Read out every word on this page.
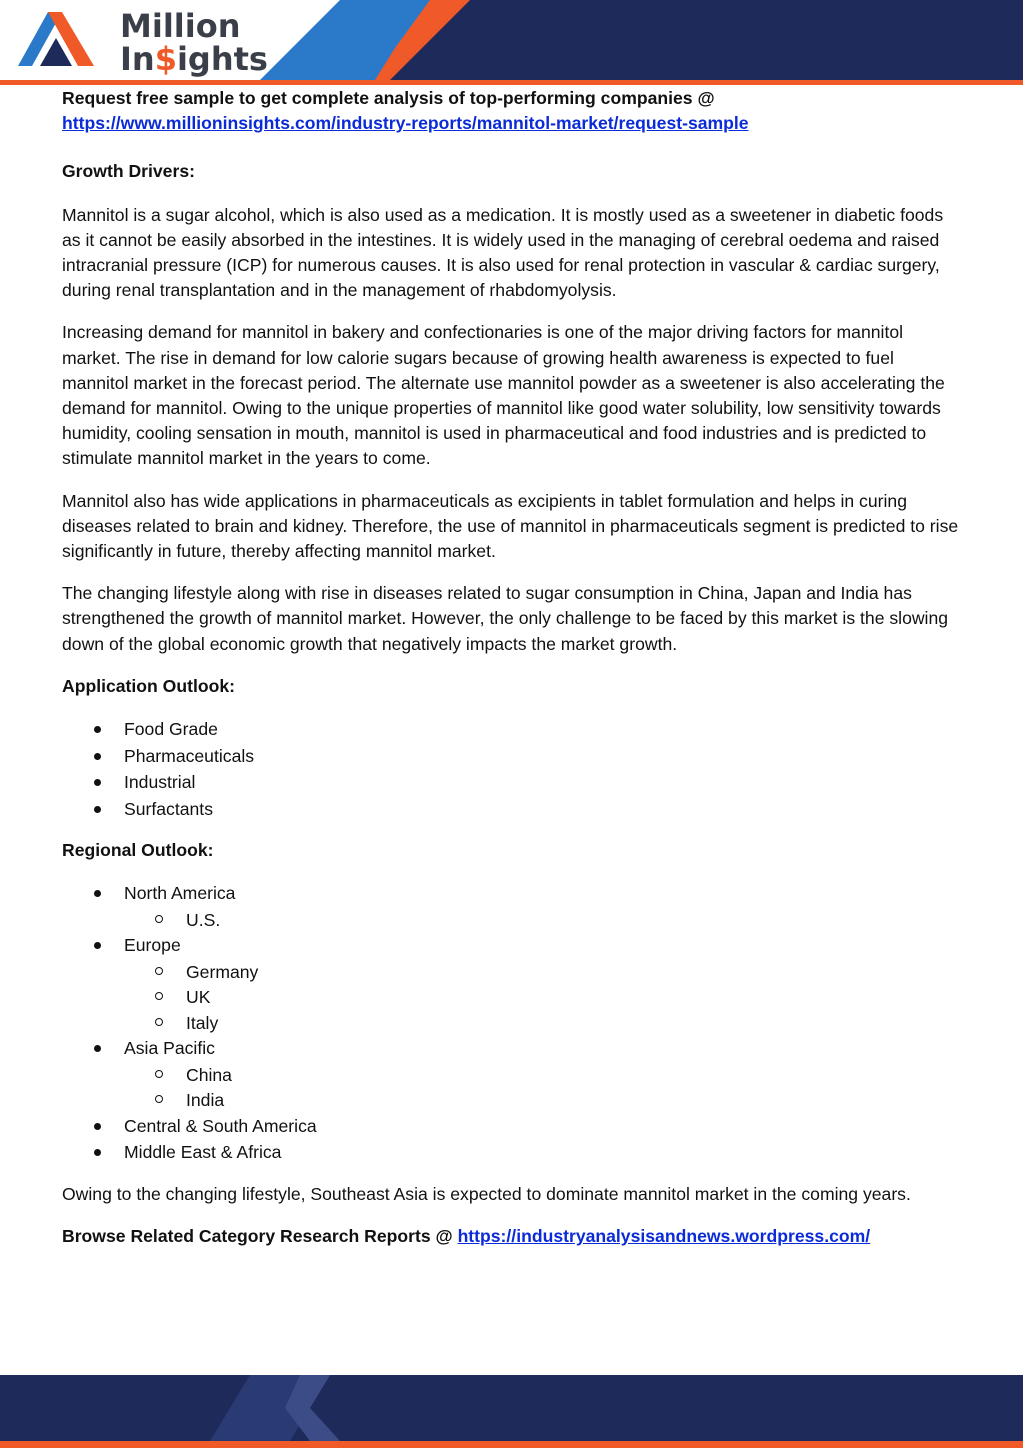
Million
In$ights

Request free sample to get complete analysis of top-performing companies @
https://www.millioninsights.com/industry-reports/mannitol-market/request-sample

Growth Drivers:

Mannitol is a sugar alcohol, which is also used as a medication. It is mostly used as a sweetener in diabetic foods as it cannot be easily absorbed in the intestines. It is widely used in the managing of cerebral oedema and raised intracranial pressure (ICP) for numerous causes. It is also used for renal protection in vascular & cardiac surgery, during renal transplantation and in the management of rhabdomyolysis.

Increasing demand for mannitol in bakery and confectionaries is one of the major driving factors for mannitol market. The rise in demand for low calorie sugars because of growing health awareness is expected to fuel mannitol market in the forecast period. The alternate use mannitol powder as a sweetener is also accelerating the demand for mannitol. Owing to the unique properties of mannitol like good water solubility, low sensitivity towards humidity, cooling sensation in mouth, mannitol is used in pharmaceutical and food industries and is predicted to stimulate mannitol market in the years to come.

Mannitol also has wide applications in pharmaceuticals as excipients in tablet formulation and helps in curing diseases related to brain and kidney. Therefore, the use of mannitol in pharmaceuticals segment is predicted to rise significantly in future, thereby affecting mannitol market.

The changing lifestyle along with rise in diseases related to sugar consumption in China, Japan and India has strengthened the growth of mannitol market. However, the only challenge to be faced by this market is the slowing down of the global economic growth that negatively impacts the market growth.

Application Outlook:

Food Grade
Pharmaceuticals
Industrial
Surfactants

Regional Outlook:

North America
U.S.
Europe
Germany
UK
Italy
Asia Pacific
China
India
Central & South America
Middle East & Africa

Owing to the changing lifestyle, Southeast Asia is expected to dominate mannitol market in the coming years.

Browse Related Category Research Reports @ https://industryanalysisandnews.wordpress.com/
